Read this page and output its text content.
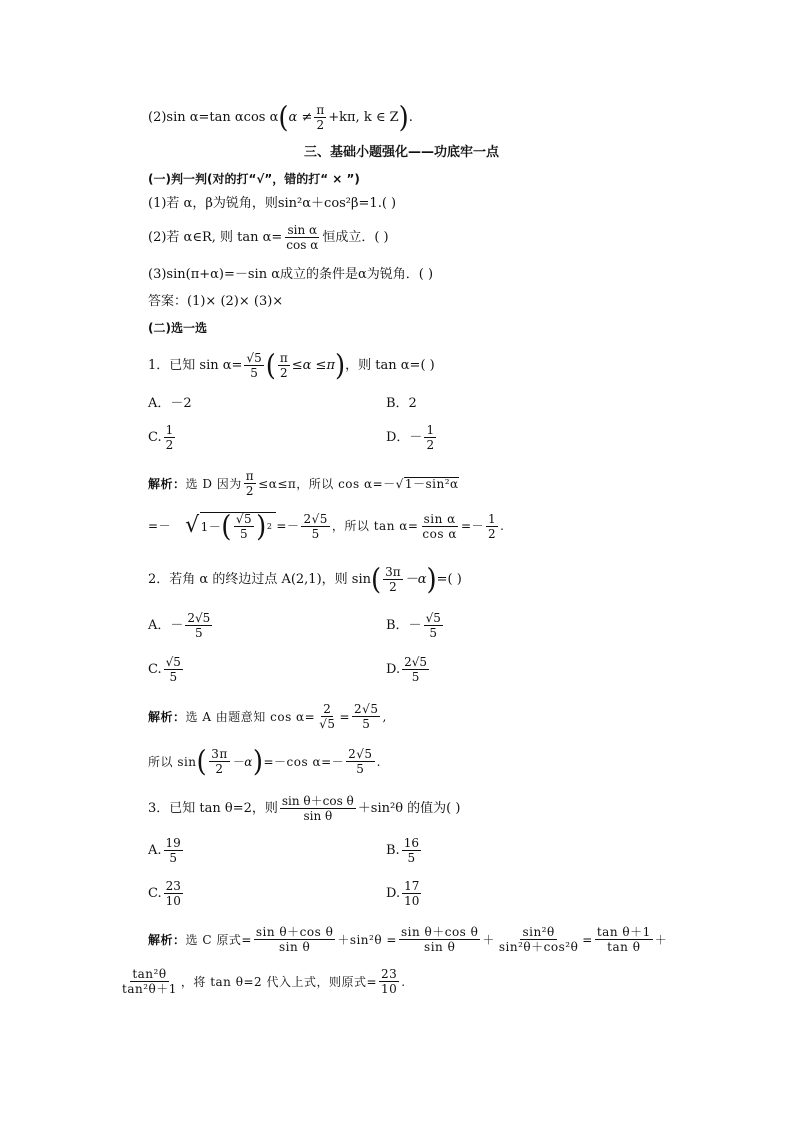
(2)sin α=tan αcos α ( $\alpha \ne \frac{\pi}{2} +k\pi$, k ∈ Z ) .
三、基础小题强化——功底牢一点
(一)判一判(对的打“√”，错的打“ × ”)
(1)若 α，β为锐角，则sin²α＋cos²β=1.( )
(2)若 α∈R, 则 $\tan \alpha= \frac{\text{sin α}}{\text{cos α}}$ 恒成立．( )
(3)sin(π+α)=－sin α成立的条件是α为锐角．( )
答案：(1)× (2)× (3)×
(二)选一选
1．已知 $\sin \alpha= \frac{√5}{5}$ ( $\frac{\pi}{2} \le\alpha \le\pi$ ) ，则 tan α=( )
A．－2	B．2
C. $\frac{1}{2}$	D．－ $\frac{1}{2}$
解析： 选 D 因为 $\frac{\pi}{2} \le\alpha\le\pi$，所以 cos α=－ √ 1－sin²α
=－ √ 1－ ( $\frac{√5}{5}$ ) $2 =- \frac{2√5}{5}$ ，所以 $\tan \alpha= \frac{\text{sin α}}{\text{cos α}} =- \frac{1}{2}$ .
2．若角 α 的终边过点 A(2,1)，则 sin ( $\frac{3\pi}{2} -\alpha$ ) =( )
A．－ $\frac{2√5}{5}$	B．－ $\frac{√5}{5}$
C. $\frac{√5}{5}$	D. $\frac{2√5}{5}$
解析： 选 A 由题意知 $\cos \alpha= \frac{2}{√5} = \frac{2√5}{5}$ ,
所以 sin ( $\frac{3\pi}{2} -\alpha$ ) =－cos $\alpha=- \frac{2√5}{5}$ .
3．已知 tan θ=2，则 $\frac{\text{sin θ＋cos θ}}{\text{sin θ}} +\sin^2\theta$ 的值为( )
A. $\frac{19}{5}$	B. $\frac{16}{5}$
C. $\frac{23}{10}$	D. $\frac{17}{10}$
解析： 选 C 原式= $\frac{\text{sin θ＋cos θ}}{\text{sin θ}} +\sin^2\theta = \frac{\text{sin θ＋cos θ}}{\text{sin θ}} + \frac{\text{sin²θ}}{\text{sin²θ＋cos²θ}} = \frac{\text{tan θ＋1}}{\text{tan θ}}$ ＋
$\frac{\text{tan²θ}}{\text{tan²θ＋1}}$ ，将 tan θ=2 代入上式，则原式= $\frac{23}{10}$ .
